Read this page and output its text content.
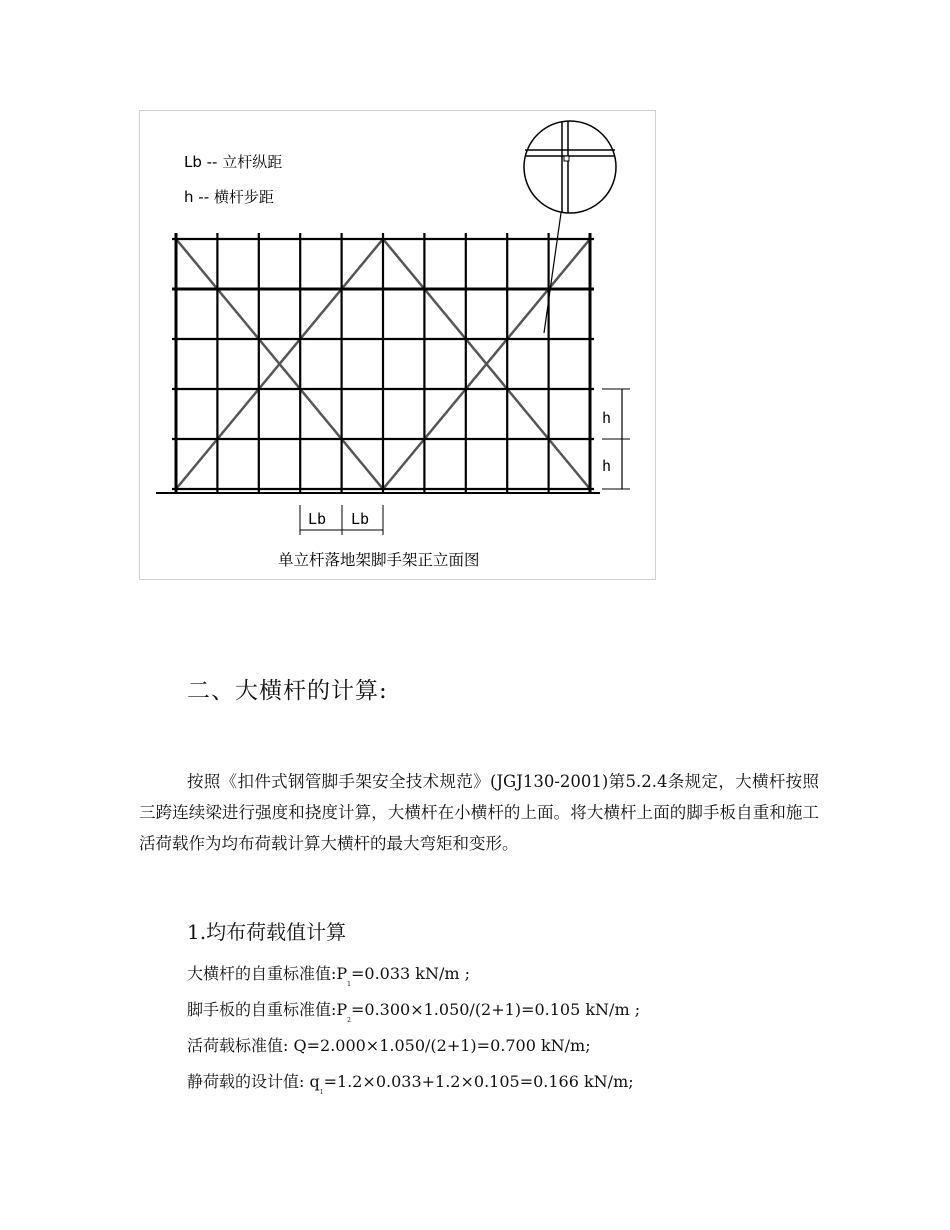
Lb -- 立杆纵距
h -- 横杆步距
h
h
Lb Lb
单立杆落地架脚手架正立面图
二、大横杆的计算:

按照《扣件式钢管脚手架安全技术规范》(JGJ130-2001)第5.2.4条规定，大横杆按照三跨连续梁进行强度和挠度计算，大横杆在小横杆的上面。将大横杆上面的脚手板自重和施工活荷载作为均布荷载计算大横杆的最大弯矩和变形。

1.均布荷载值计算
大横杆的自重标准值$:P_1=0.033$ kN/m ;
脚手板的自重标准值$:P_2=0.300\times 1.050/(2+1)=0.105$ kN/m ;
活荷载标准值: Q=2.000×1.050/(2+1)=0.700 kN/m;
静荷载的设计值: $q_1=1.2\times 0.033+1.2\times 0.105=0.166$ kN/m;
